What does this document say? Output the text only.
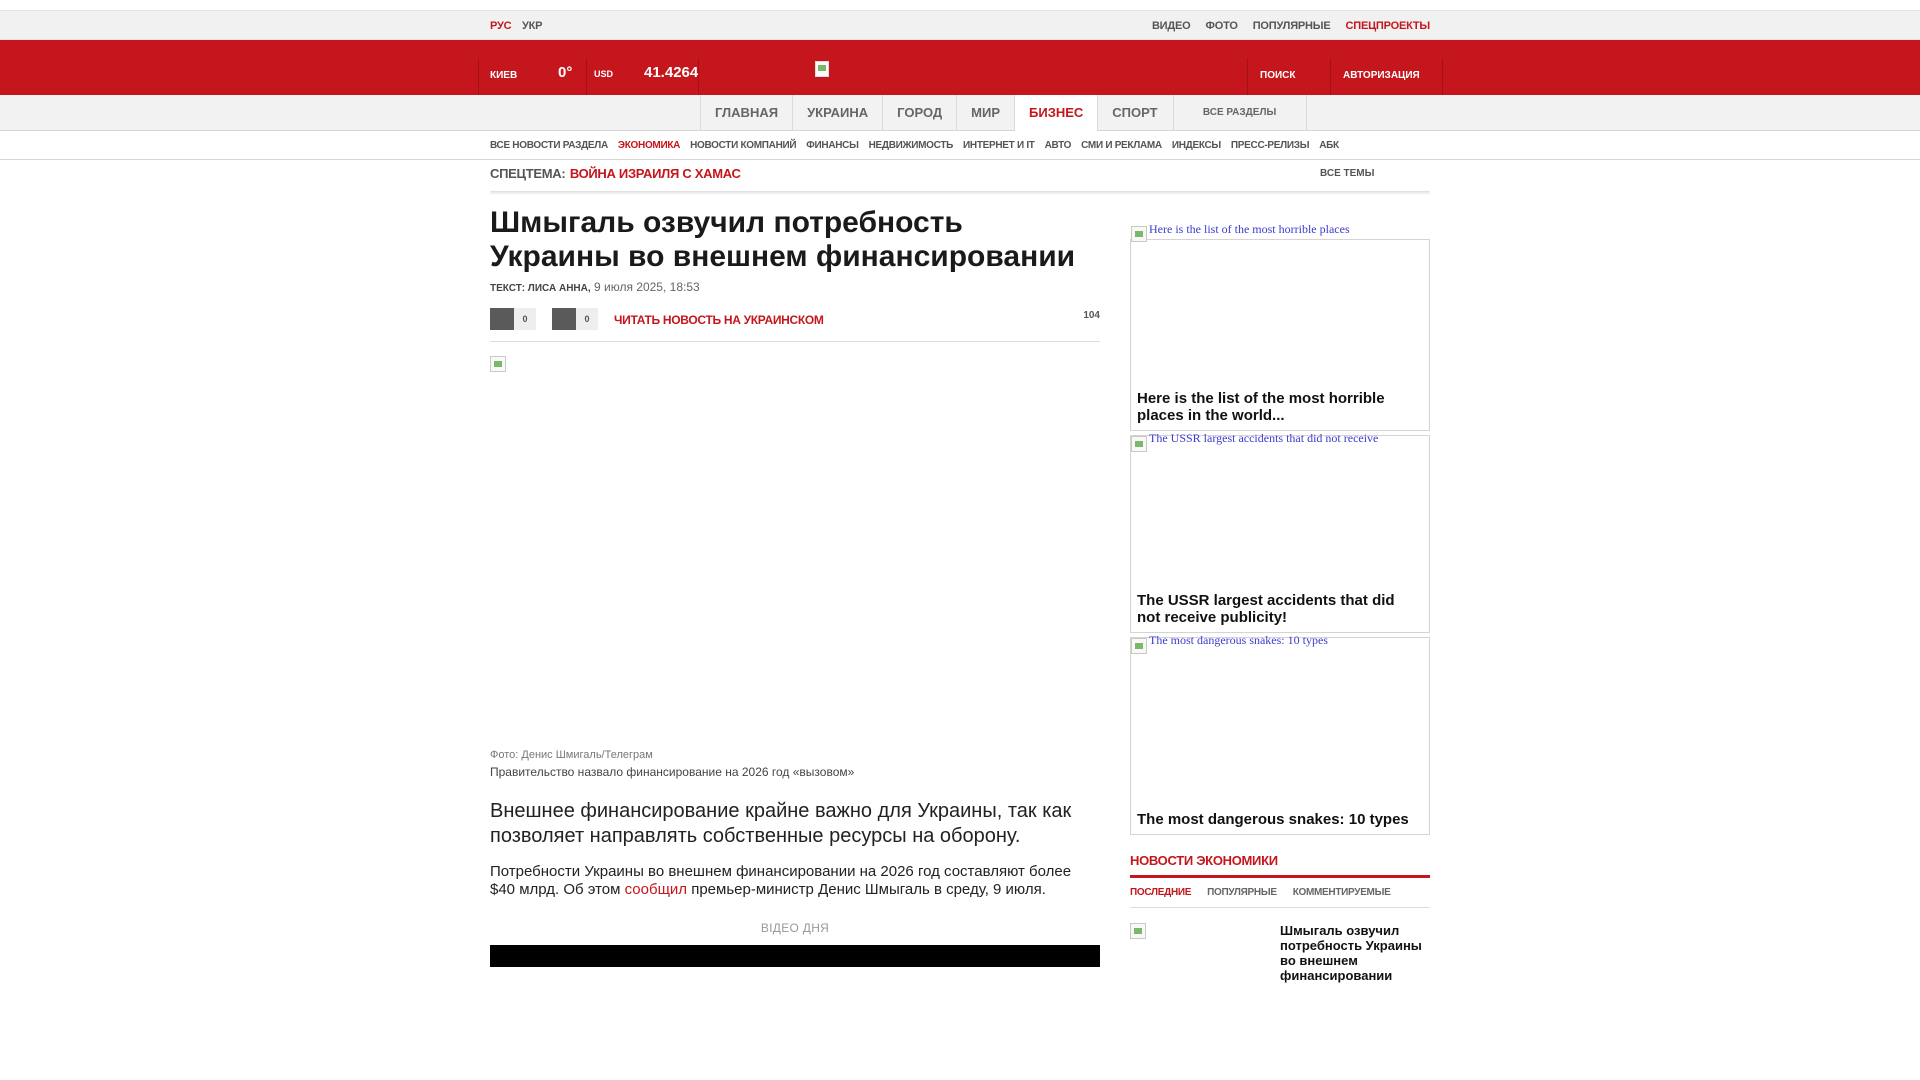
РУС УКР	ВИДЕО ФОТО ПОПУЛЯРНЫЕ СПЕЦПРОЕКТЫ
КИЕВ	0° USD 41.4264	ПОИСК	АВТОРИЗАЦИЯ
ГЛАВНАЯ	УКРАИНА	ГОРОД	МИР	БИЗНЕС	СПОРТ	ВСЕ РАЗДЕЛЫ
ВСЕ НОВОСТИ РАЗДЕЛА ЭКОНОМИКА НОВОСТИ КОМПАНИЙ ФИНАНСЫ НЕДВИЖИМОСТЬ ИНТЕРНЕТ И IT АВТО СМИ И РЕКЛАМА ИНДЕКСЫ ПРЕСС-РЕЛИЗЫ АБК
СПЕЦТЕМА: ВОЙНА ИЗРАИЛЯ С ХАМАС	ВСЕ ТЕМЫ
Шмыгаль озвучил потребность Украины во внешнем финансировании
ТЕКСТ: ЛИСА АННА, 9 июля 2025, 18:53
0	0	ЧИТАТЬ НОВОСТЬ НА УКРАИНСКОМ	104
Фото: Денис Шмигаль/Телеграм
Правительство назвало финансирование на 2026 год «вызовом»

Внешнее финансирование крайне важно для Украины, так как позволяет направлять собственные ресурсы на оборону.

Потребности Украины во внешнем финансировании на 2026 год составляют более $40 млрд. Об этом сообщил премьер-министр Денис Шмыгаль в среду, 9 июля.

ВІДЕО ДНЯ
Here is the list of the most horrible places
Here is the list of the most horrible places in the world...
The USSR largest accidents that did not receive
The USSR largest accidents that did not receive publicity!
The most dangerous snakes: 10 types
The most dangerous snakes: 10 types
НОВОСТИ ЭКОНОМИКИ
ПОСЛЕДНИЕ ПОПУЛЯРНЫЕ КОММЕНТИРУЕМЫЕ
Шмыгаль озвучил потребность Украины во внешнем финансировании
